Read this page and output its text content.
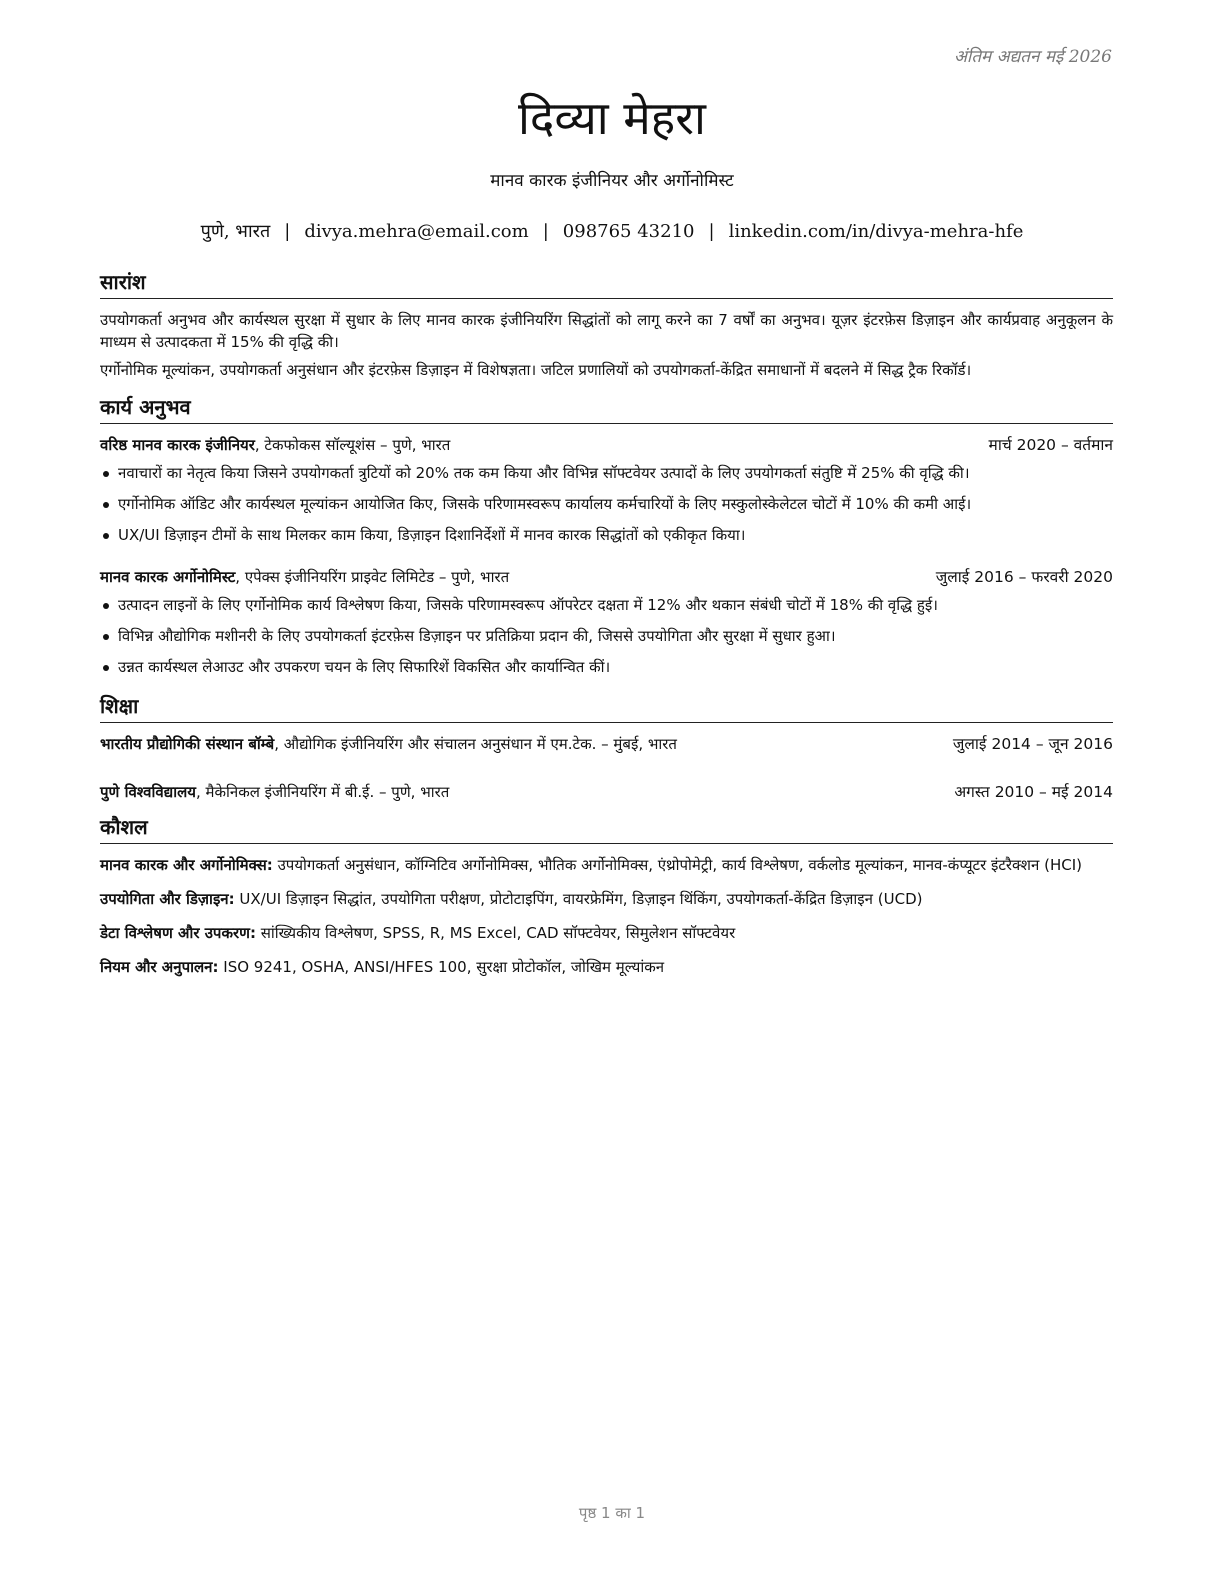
अंतिम अद्यतन मई 2026
दिव्या मेहरा
मानव कारक इंजीनियर और अर्गोनोमिस्ट
पुणे, भारत | divya.mehra@email.com | 098765 43210 | linkedin.com/in/divya-mehra-hfe
सारांश

उपयोगकर्ता अनुभव और कार्यस्थल सुरक्षा में सुधार के लिए मानव कारक इंजीनियरिंग सिद्धांतों को लागू करने का 7 वर्षों का अनुभव। यूज़र इंटरफ़ेस डिज़ाइन और कार्यप्रवाह अनुकूलन के माध्यम से उत्पादकता में 15% की वृद्धि की।

एर्गोनोमिक मूल्यांकन, उपयोगकर्ता अनुसंधान और इंटरफ़ेस डिज़ाइन में विशेषज्ञता। जटिल प्रणालियों को उपयोगकर्ता-केंद्रित समाधानों में बदलने में सिद्ध ट्रैक रिकॉर्ड।

कार्य अनुभव
वरिष्ठ मानव कारक इंजीनियर, टेकफोकस सॉल्यूशंस – पुणे, भारत	मार्च 2020 – वर्तमान
नवाचारों का नेतृत्व किया जिसने उपयोगकर्ता त्रुटियों को 20% तक कम किया और विभिन्न सॉफ्टवेयर उत्पादों के लिए उपयोगकर्ता संतुष्टि में 25% की वृद्धि की।
एर्गोनोमिक ऑडिट और कार्यस्थल मूल्यांकन आयोजित किए, जिसके परिणामस्वरूप कार्यालय कर्मचारियों के लिए मस्कुलोस्केलेटल चोटों में 10% की कमी आई।
UX/UI डिज़ाइन टीमों के साथ मिलकर काम किया, डिज़ाइन दिशानिर्देशों में मानव कारक सिद्धांतों को एकीकृत किया।
मानव कारक अर्गोनोमिस्ट, एपेक्स इंजीनियरिंग प्राइवेट लिमिटेड – पुणे, भारत	जुलाई 2016 – फरवरी 2020
उत्पादन लाइनों के लिए एर्गोनोमिक कार्य विश्लेषण किया, जिसके परिणामस्वरूप ऑपरेटर दक्षता में 12% और थकान संबंधी चोटों में 18% की वृद्धि हुई।
विभिन्न औद्योगिक मशीनरी के लिए उपयोगकर्ता इंटरफ़ेस डिज़ाइन पर प्रतिक्रिया प्रदान की, जिससे उपयोगिता और सुरक्षा में सुधार हुआ।
उन्नत कार्यस्थल लेआउट और उपकरण चयन के लिए सिफारिशें विकसित और कार्यान्वित कीं।
शिक्षा
भारतीय प्रौद्योगिकी संस्थान बॉम्बे, औद्योगिक इंजीनियरिंग और संचालन अनुसंधान में एम.टेक. – मुंबई, भारत	जुलाई 2014 – जून 2016
पुणे विश्वविद्यालय, मैकेनिकल इंजीनियरिंग में बी.ई. – पुणे, भारत	अगस्त 2010 – मई 2014
कौशल

मानव कारक और अर्गोनोमिक्स: उपयोगकर्ता अनुसंधान, कॉग्निटिव अर्गोनोमिक्स, भौतिक अर्गोनोमिक्स, एंथ्रोपोमेट्री, कार्य विश्लेषण, वर्कलोड मूल्यांकन, मानव-कंप्यूटर इंटरैक्शन (HCI)

उपयोगिता और डिज़ाइन: UX/UI डिज़ाइन सिद्धांत, उपयोगिता परीक्षण, प्रोटोटाइपिंग, वायरफ्रेमिंग, डिज़ाइन थिंकिंग, उपयोगकर्ता-केंद्रित डिज़ाइन (UCD)

डेटा विश्लेषण और उपकरण: सांख्यिकीय विश्लेषण, SPSS, R, MS Excel, CAD सॉफ्टवेयर, सिमुलेशन सॉफ्टवेयर

नियम और अनुपालन: ISO 9241, OSHA, ANSI/HFES 100, सुरक्षा प्रोटोकॉल, जोखिम मूल्यांकन

पृष्ठ 1 का 1
